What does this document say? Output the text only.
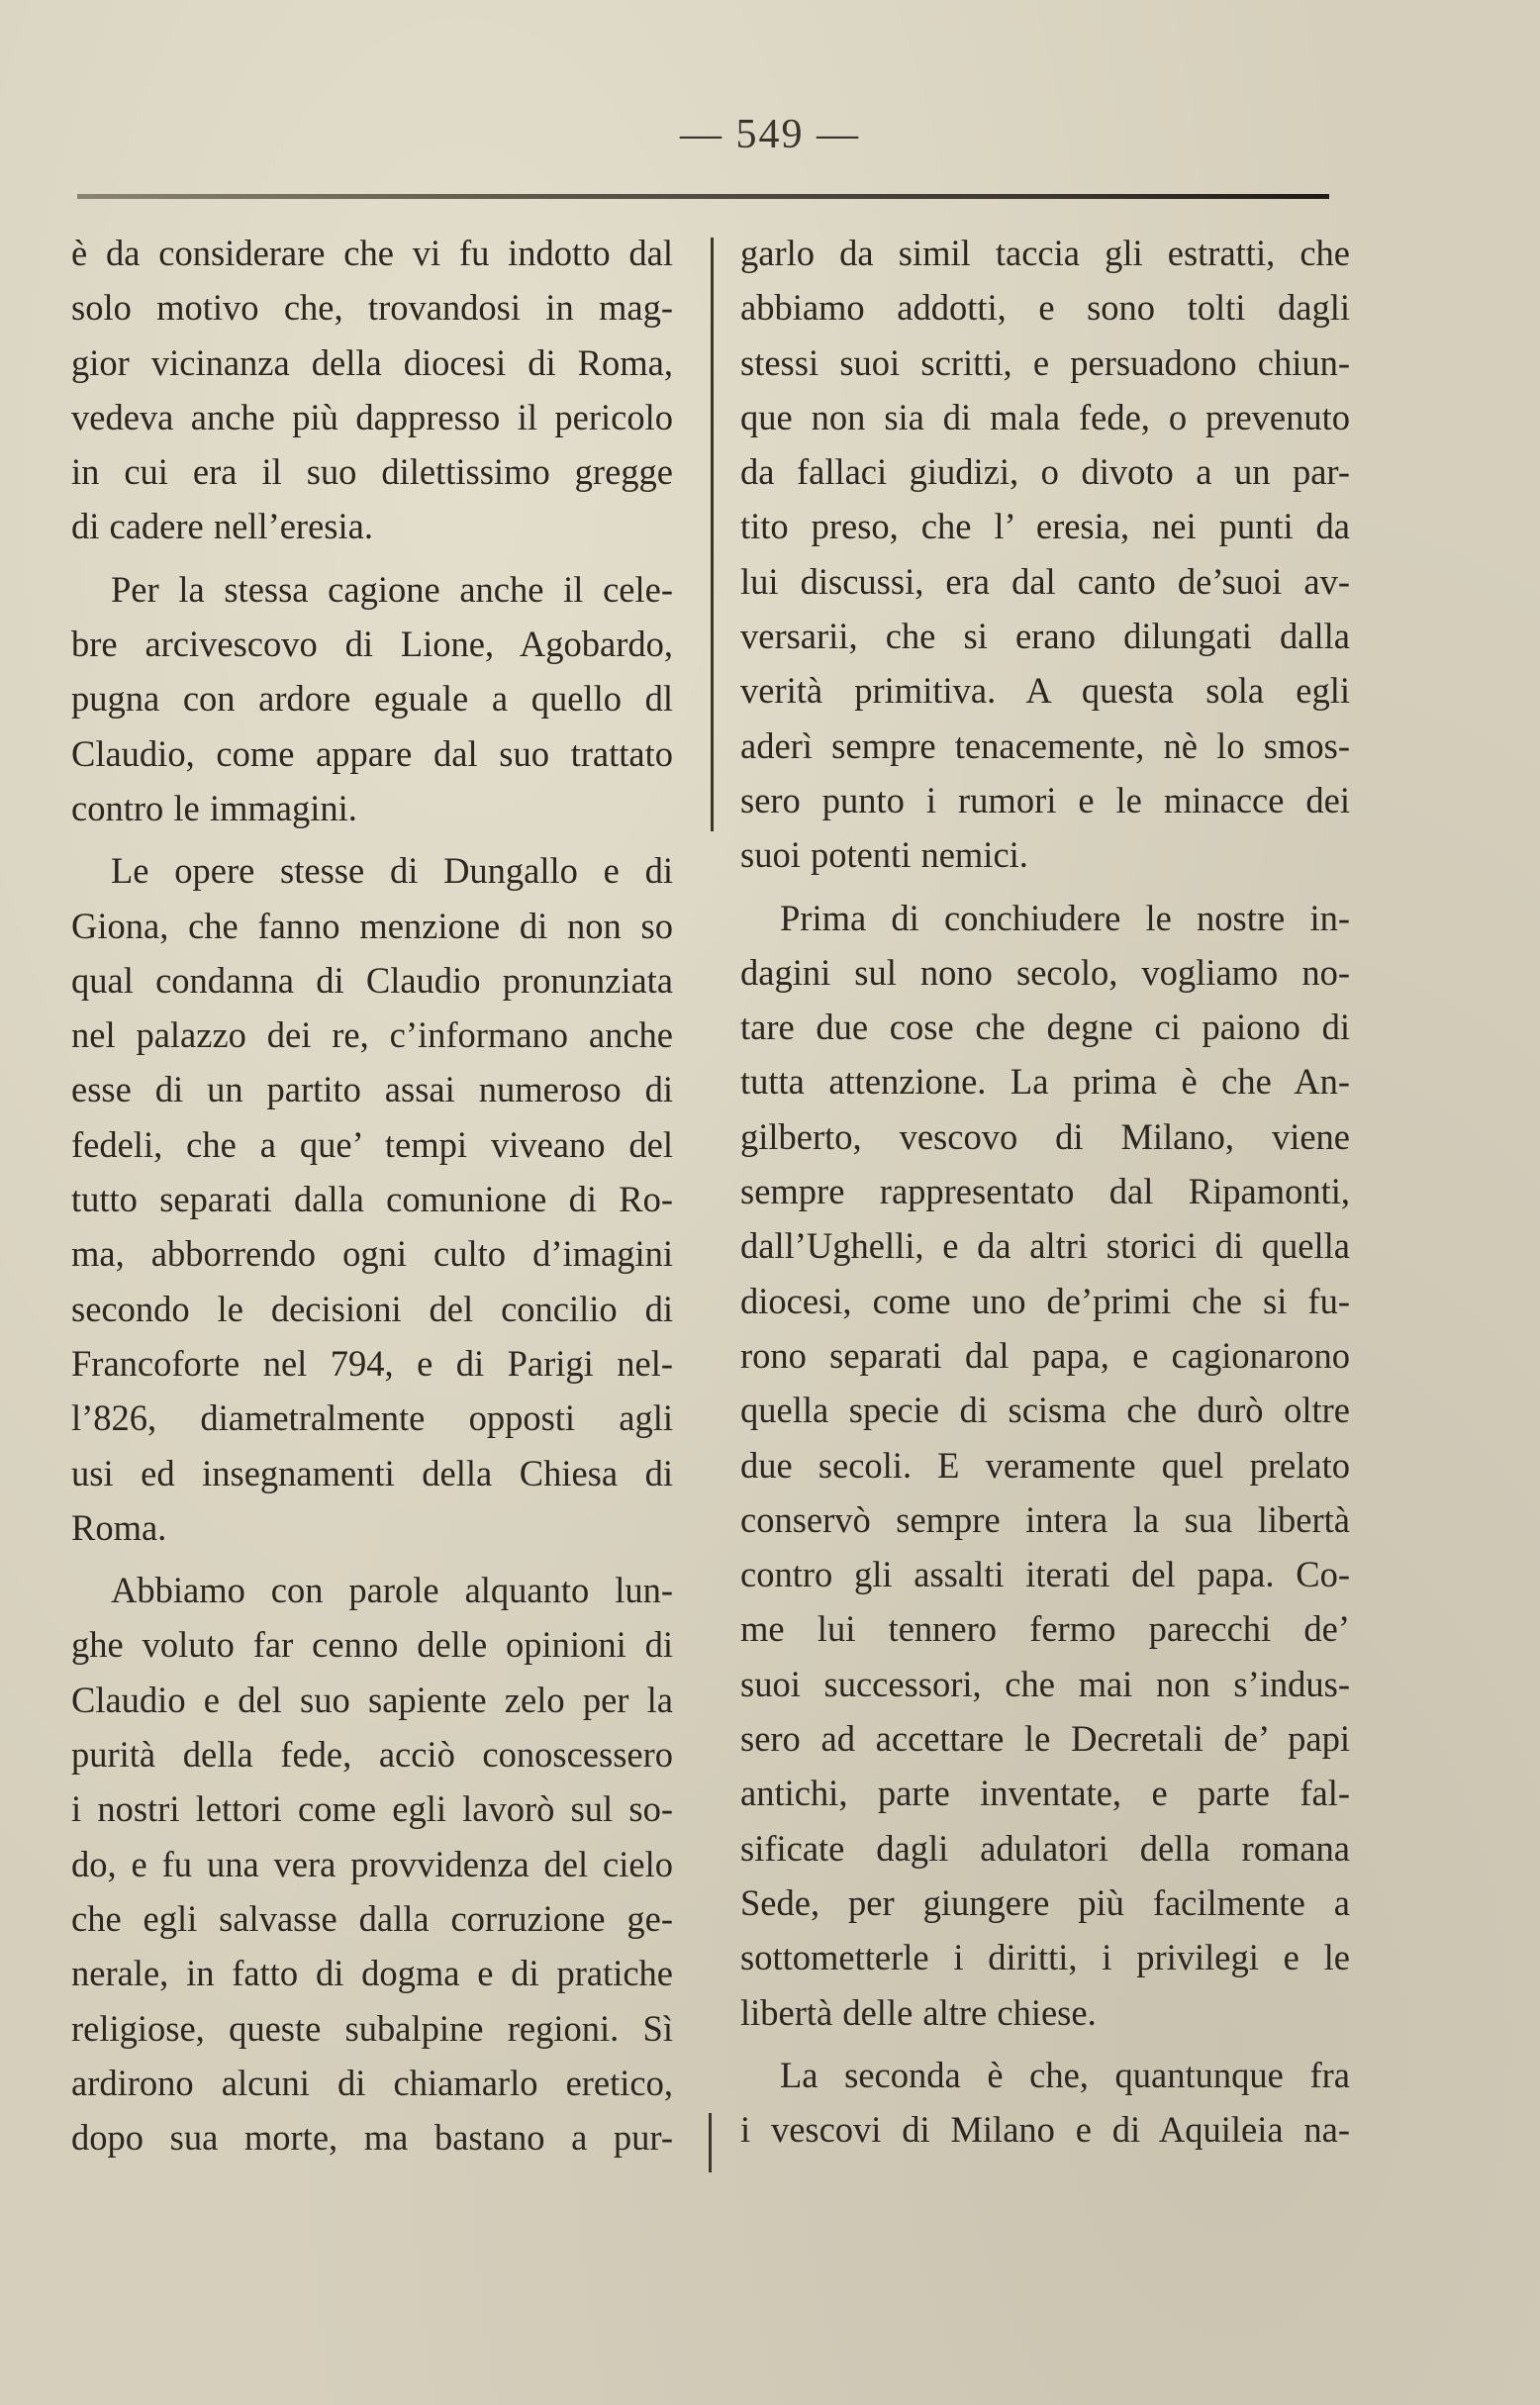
— 549 —
è da considerare che vi fu indotto dal
solo motivo che, trovandosi in mag-
gior vicinanza della diocesi di Roma,
vedeva anche più dappresso il pericolo
in cui era il suo dilettissimo gregge
di cadere nell’eresia.
Per la stessa cagione anche il cele-
bre arcivescovo di Lione, Agobardo,
pugna con ardore eguale a quello dl
Claudio, come appare dal suo trattato
contro le immagini.
Le opere stesse di Dungallo e di
Giona, che fanno menzione di non so
qual condanna di Claudio pronunziata
nel palazzo dei re, c’informano anche
esse di un partito assai numeroso di
fedeli, che a que’ tempi viveano del
tutto separati dalla comunione di Ro-
ma, abborrendo ogni culto d’imagini
secondo le decisioni del concilio di
Francoforte nel 794, e di Parigi nel-
l’826, diametralmente opposti agli
usi ed insegnamenti della Chiesa di
Roma.
Abbiamo con parole alquanto lun-
ghe voluto far cenno delle opinioni di
Claudio e del suo sapiente zelo per la
purità della fede, acciò conoscessero
i nostri lettori come egli lavorò sul so-
do, e fu una vera provvidenza del cielo
che egli salvasse dalla corruzione ge-
nerale, in fatto di dogma e di pratiche
religiose, queste subalpine regioni. Sì
ardirono alcuni di chiamarlo eretico,
dopo sua morte, ma bastano a pur-
garlo da simil taccia gli estratti, che
abbiamo addotti, e sono tolti dagli
stessi suoi scritti, e persuadono chiun-
que non sia di mala fede, o prevenuto
da fallaci giudizi, o divoto a un par-
tito preso, che l’ eresia, nei punti da
lui discussi, era dal canto de’suoi av-
versarii, che si erano dilungati dalla
verità primitiva. A questa sola egli
aderì sempre tenacemente, nè lo smos-
sero punto i rumori e le minacce dei
suoi potenti nemici.
Prima di conchiudere le nostre in-
dagini sul nono secolo, vogliamo no-
tare due cose che degne ci paiono di
tutta attenzione. La prima è che An-
gilberto, vescovo di Milano, viene
sempre rappresentato dal Ripamonti,
dall’Ughelli, e da altri storici di quella
diocesi, come uno de’primi che si fu-
rono separati dal papa, e cagionarono
quella specie di scisma che durò oltre
due secoli. E veramente quel prelato
conservò sempre intera la sua libertà
contro gli assalti iterati del papa. Co-
me lui tennero fermo parecchi de’
suoi successori, che mai non s’indus-
sero ad accettare le Decretali de’ papi
antichi, parte inventate, e parte fal-
sificate dagli adulatori della romana
Sede, per giungere più facilmente a
sottometterle i diritti, i privilegi e le
libertà delle altre chiese.
La seconda è che, quantunque fra
i vescovi di Milano e di Aquileia na-
